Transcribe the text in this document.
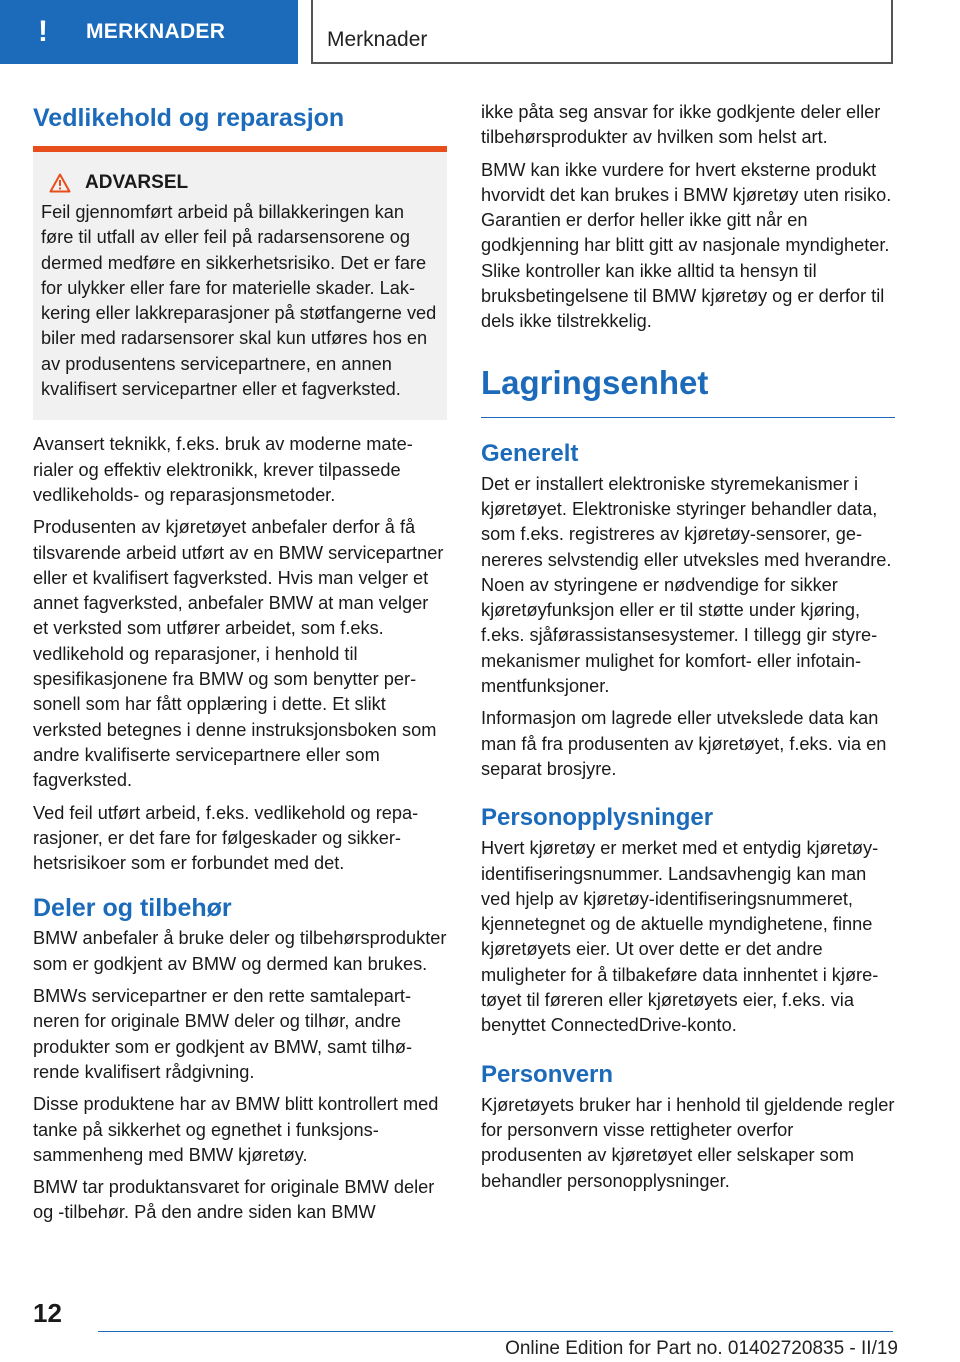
!	MERKNADER	Merknader
Vedlikehold og reparasjon
ADVARSEL

Feil gjennomført arbeid på billakkeringen kan føre til utfall av eller feil på radarsensorene og dermed medføre en sikkerhetsrisiko. Det er fare for ulykker eller fare for materielle skader. Lakkering eller lakkreparasjoner på støtfangerne ved biler med radarsensorer skal kun utføres hos en av produsentens servicepartnere, en annen kvalifisert servicepartner eller et fagverksted.

Avansert teknikk, f.eks. bruk av moderne materialer og effektiv elektronikk, krever tilpassede vedlikeholds- og reparasjonsmetoder.

Produsenten av kjøretøyet anbefaler derfor å få tilsvarende arbeid utført av en BMW servicepartner eller et kvalifisert fagverksted. Hvis man velger et annet fagverksted, anbefaler BMW at man velger et verksted som utfører arbeidet, som f.eks. vedlikehold og reparasjoner, i henhold til spesifikasjonene fra BMW og som benytter personell som har fått opplæring i dette. Et slikt verksted betegnes i denne instruksjonsboken som andre kvalifiserte servicepartnere eller som fagverksted.

Ved feil utført arbeid, f.eks. vedlikehold og reparasjoner, er det fare for følgeskader og sikkerhetsrisikoer som er forbundet med det.

Deler og tilbehør

BMW anbefaler å bruke deler og tilbehørsprodukter som er godkjent av BMW og dermed kan brukes.

BMWs servicepartner er den rette samtalepartneren for originale BMW deler og tilhør, andre produkter som er godkjent av BMW, samt tilhørende kvalifisert rådgivning.

Disse produktene har av BMW blitt kontrollert med tanke på sikkerhet og egnethet i funksjonssammenheng med BMW kjøretøy.

BMW tar produktansvaret for originale BMW deler og -tilbehør. På den andre siden kan BMW

ikke påta seg ansvar for ikke godkjente deler eller tilbehørsprodukter av hvilken som helst art.

BMW kan ikke vurdere for hvert eksterne produkt hvorvidt det kan brukes i BMW kjøretøy uten risiko. Garantien er derfor heller ikke gitt når en godkjenning har blitt gitt av nasjonale myndigheter. Slike kontroller kan ikke alltid ta hensyn til bruksbetingelsene til BMW kjøretøy og er derfor til dels ikke tilstrekkelig.

Lagringsenhet
Generelt

Det er installert elektroniske styremekanismer i kjøretøyet. Elektroniske styringer behandler data, som f.eks. registreres av kjøretøy-sensorer, genereres selvstendig eller utveksles med hverandre. Noen av styringene er nødvendige for sikker kjøretøyfunksjon eller er til støtte under kjøring, f.eks. sjåførassistansesystemer. I tillegg gir styremekanismer mulighet for komfort- eller infotainmentfunksjoner.

Informasjon om lagrede eller utvekslede data kan man få fra produsenten av kjøretøyet, f.eks. via en separat brosjyre.

Personopplysninger

Hvert kjøretøy er merket med et entydig kjøretøy-identifiseringsnummer. Landsavhengig kan man ved hjelp av kjøretøy-identifiseringsnummeret, kjennetegnet og de aktuelle myndighetene, finne kjøretøyets eier. Ut over dette er det andre muligheter for å tilbakeføre data innhentet i kjøretøyet til føreren eller kjøretøyets eier, f.eks. via benyttet ConnectedDrive-konto.

Personvern

Kjøretøyets bruker har i henhold til gjeldende regler for personvern visse rettigheter overfor produsenten av kjøretøyet eller selskaper som behandler personopplysninger.

12
Online Edition for Part no. 01402720835 - II/19
